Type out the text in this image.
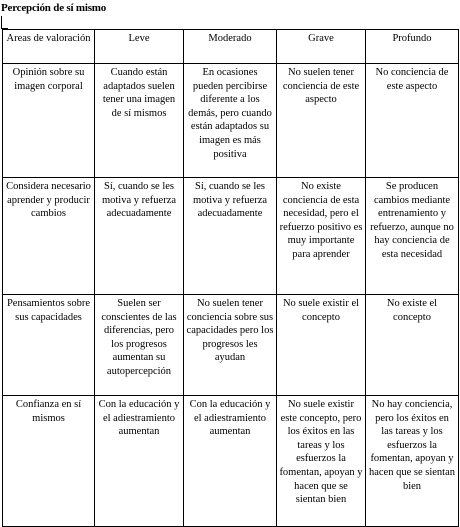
Percepción de sí mismo
Areas de valoración	Leve	Moderado	Grave	Profundo
Opinión sobre su imagen corporal	Cuando están adaptados suelen tener una imagen de sí mismos	En ocasiones pueden percibirse diferente a los demás, pero cuando están adaptados su imagen es más positiva	No suelen tener conciencia de este aspecto	No conciencia de este aspecto
Considera necesario aprender y producir cambios	Sí, cuando se les motiva y refuerza adecuadamente	Sí, cuando se les motiva y refuerza adecuadamente	No existe conciencia de esta necesidad, pero el refuerzo positivo es muy importante para aprender	Se producen cambios mediante entrenamiento y refuerzo, aunque no hay conciencia de esta necesidad
Pensamientos sobre sus capacidades	Suelen ser conscientes de las diferencias, pero los progresos aumentan su autopercepción	No suelen tener conciencia sobre sus capacidades pero los progresos les ayudan	No suele existir el concepto	No existe el concepto
Confianza en sí mismos	Con la educación y el adiestramiento aumentan	Con la educación y el adiestramiento aumentan	No suele existir este concepto, pero los éxitos en las tareas y los esfuerzos la fomentan, apoyan y hacen que se sientan bien	No hay conciencia, pero los éxitos en las tareas y los esfuerzos la fomentan, apoyan y hacen que se sientan bien
